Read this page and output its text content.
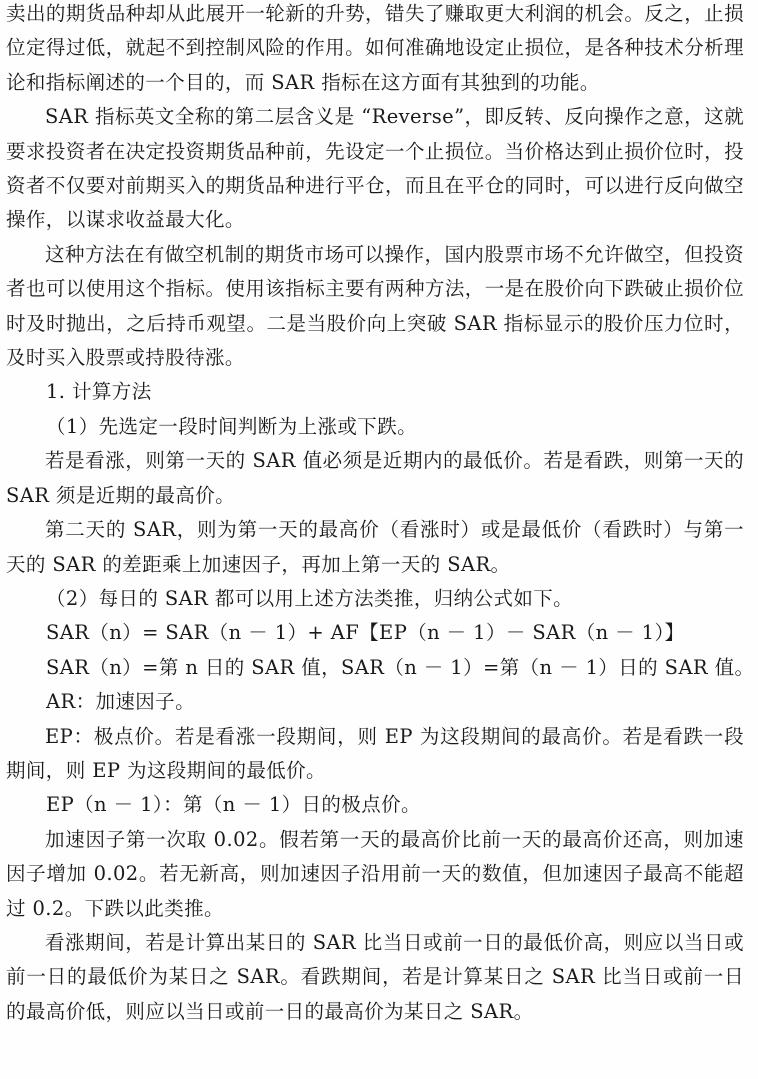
卖出的期货品种却从此展开一轮新的升势，错失了赚取更大利润的机会。反之，止损位定得过低，就起不到控制风险的作用。如何准确地设定止损位，是各种技术分析理论和指标阐述的一个目的，而 SAR 指标在这方面有其独到的功能。

SAR 指标英文全称的第二层含义是 “Reverse”，即反转、反向操作之意，这就要求投资者在决定投资期货品种前，先设定一个止损位。当价格达到止损价位时，投资者不仅要对前期买入的期货品种进行平仓，而且在平仓的同时，可以进行反向做空操作，以谋求收益最大化。

这种方法在有做空机制的期货市场可以操作，国内股票市场不允许做空，但投资者也可以使用这个指标。使用该指标主要有两种方法，一是在股价向下跌破止损价位时及时抛出，之后持币观望。二是当股价向上突破 SAR 指标显示的股价压力位时，及时买入股票或持股待涨。

1. 计算方法

（1）先选定一段时间判断为上涨或下跌。

若是看涨，则第一天的 SAR 值必须是近期内的最低价。若是看跌，则第一天的 SAR 须是近期的最高价。

第二天的 SAR，则为第一天的最高价（看涨时）或是最低价（看跌时）与第一天的 SAR 的差距乘上加速因子，再加上第一天的 SAR。

（2）每日的 SAR 都可以用上述方法类推，归纳公式如下。

SAR（n）= SAR（n － 1）+ AF【EP（n － 1）－ SAR（n － 1）】

SAR（n）=第 n 日的 SAR 值，SAR（n － 1）=第（n － 1）日的 SAR 值。

AR：加速因子。

EP：极点价。若是看涨一段期间，则 EP 为这段期间的最高价。若是看跌一段期间，则 EP 为这段期间的最低价。

EP（n － 1）：第（n － 1）日的极点价。

加速因子第一次取 0.02。假若第一天的最高价比前一天的最高价还高，则加速因子增加 0.02。若无新高，则加速因子沿用前一天的数值，但加速因子最高不能超过 0.2。下跌以此类推。

看涨期间，若是计算出某日的 SAR 比当日或前一日的最低价高，则应以当日或前一日的最低价为某日之 SAR。看跌期间，若是计算某日之 SAR 比当日或前一日的最高价低，则应以当日或前一日的最高价为某日之 SAR。
